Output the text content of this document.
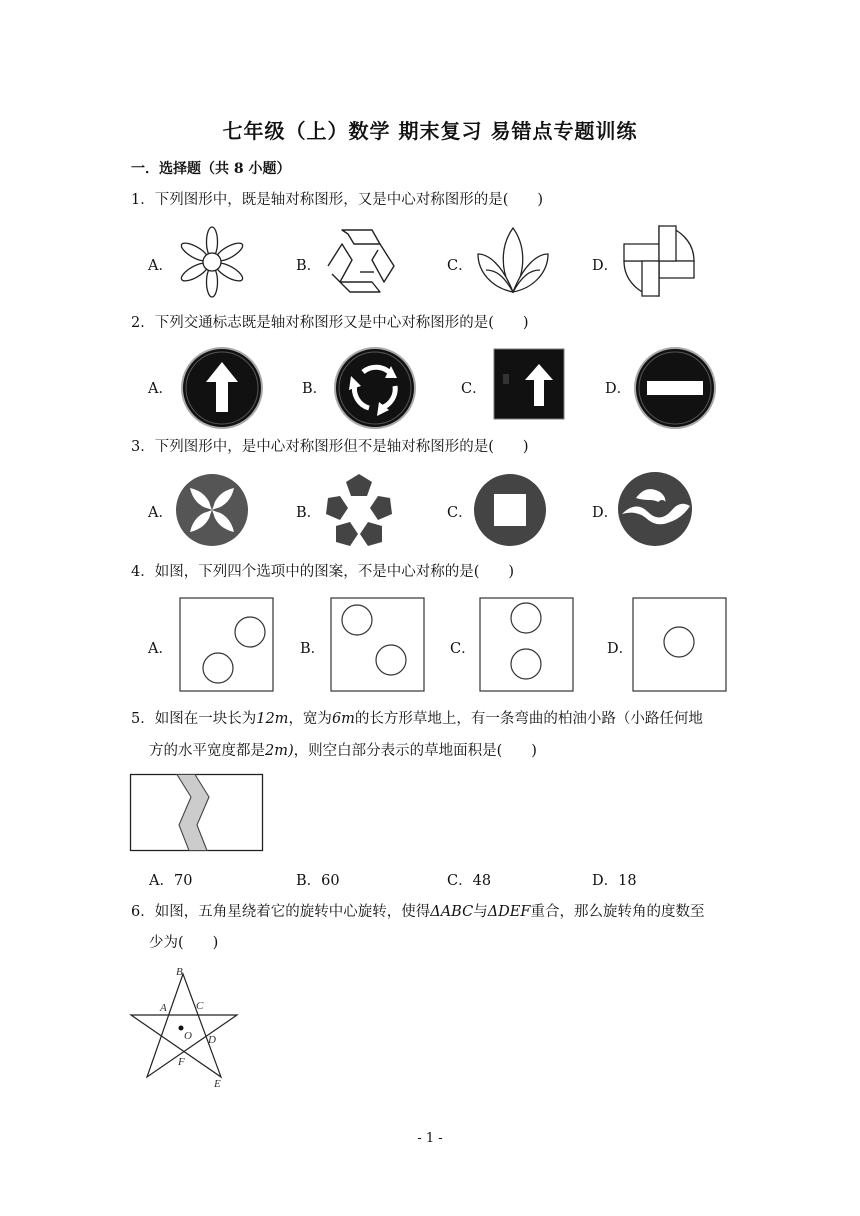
七年级（上）数学 期末复习 易错点专题训练
一．选择题（共 8 小题）
1．下列图形中，既是轴对称图形，又是中心对称图形的是(　　)
A．	B．	C．	D．
2．下列交通标志既是轴对称图形又是中心对称图形的是(　　)
A．	B．	C．	D．
3．下列图形中，是中心对称图形但不是轴对称图形的是(　　)
A．	B．	C．	D．
4．如图，下列四个选项中的图案，不是中心对称的是(　　)
A．	B．	C．	D．
5．如图在一块长为12m，宽为6m的长方形草地上，有一条弯曲的柏油小路（小路任何地
方的水平宽度都是2m)，则空白部分表示的草地面积是(　　)
A．70	B．60	C．48	D．18
6．如图，五角星绕着它的旋转中心旋转，使得ΔABC与ΔDEF重合，那么旋转角的度数至
少为(　　)
B
A	C
O D
F
E
- 1 -
